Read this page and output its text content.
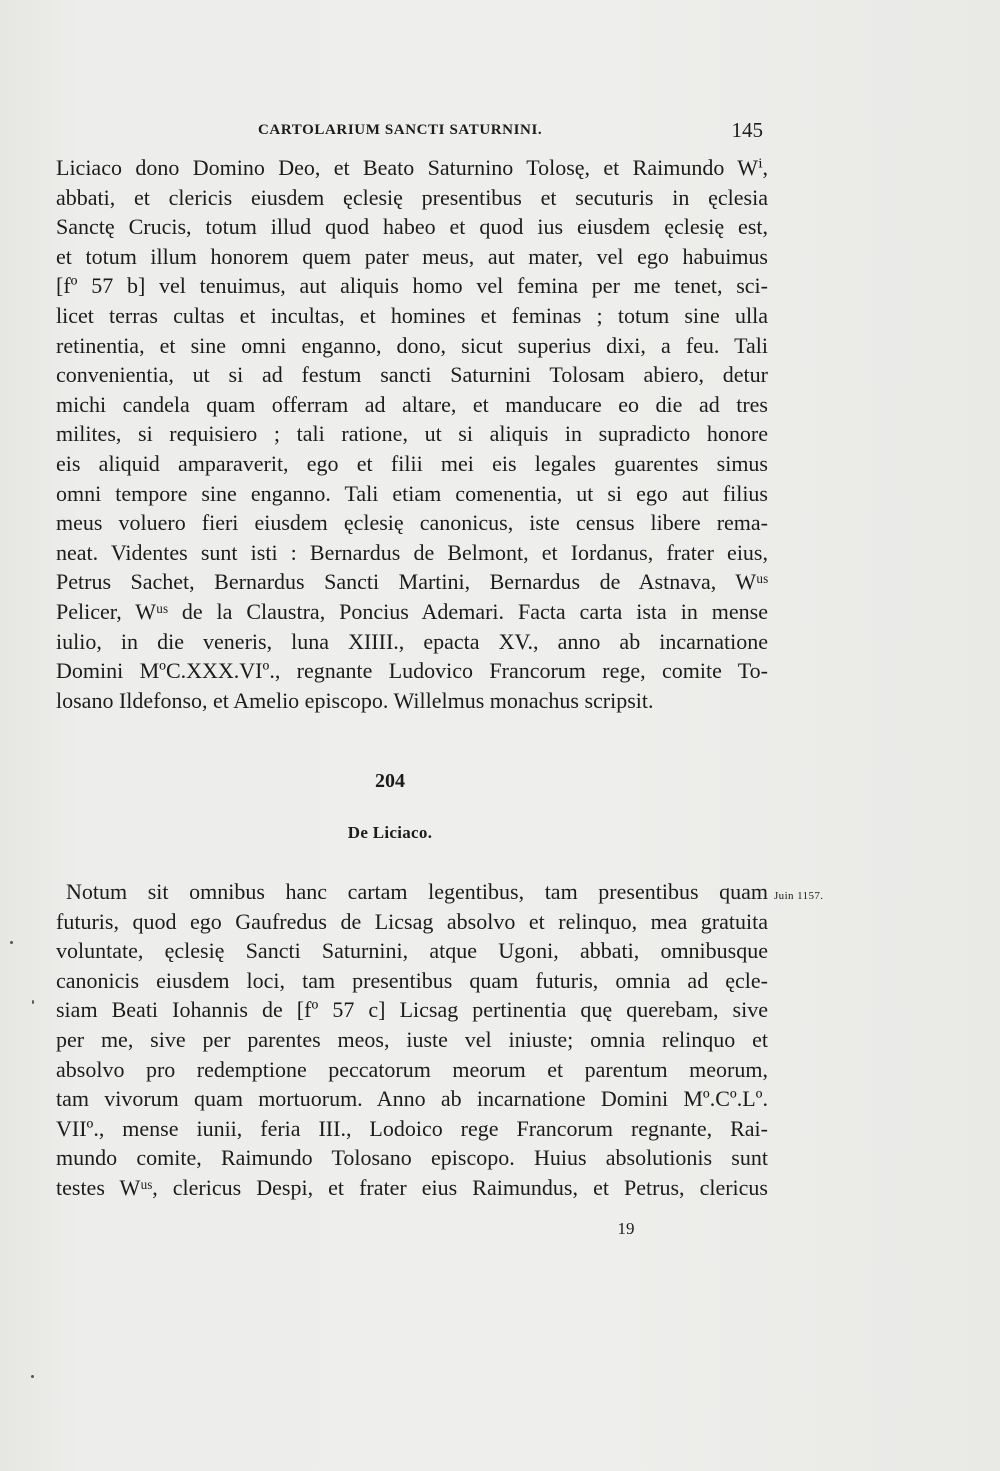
CARTOLARIUM SANCTI SATURNINI.	145
Liciaco dono Domino Deo, et Beato Saturnino Tolosę, et Raimundo Wⁱ,
abbati, et clericis eiusdem ęclesię presentibus et secuturis in ęclesia
Sanctę Crucis, totum illud quod habeo et quod ius eiusdem ęclesię est,
et totum illum honorem quem pater meus, aut mater, vel ego habuimus
[fº 57 b] vel tenuimus, aut aliquis homo vel femina per me tenet, sci-
licet terras cultas et incultas, et homines et feminas ; totum sine ulla
retinentia, et sine omni enganno, dono, sicut superius dixi, a feu. Tali
convenientia, ut si ad festum sancti Saturnini Tolosam abiero, detur
michi candela quam offerram ad altare, et manducare eo die ad tres
milites, si requisiero ; tali ratione, ut si aliquis in supradicto honore
eis aliquid amparaverit, ego et filii mei eis legales guarentes simus
omni tempore sine enganno. Tali etiam comenentia, ut si ego aut filius
meus voluero fieri eiusdem ęclesię canonicus, iste census libere rema-
neat. Videntes sunt isti : Bernardus de Belmont, et Iordanus, frater eius,
Petrus Sachet, Bernardus Sancti Martini, Bernardus de Astnava, Wᵘˢ
Pelicer, Wᵘˢ de la Claustra, Poncius Ademari. Facta carta ista in mense
iulio, in die veneris, luna XIIII., epacta XV., anno ab incarnatione
Domini MºC.XXX.VIº., regnante Ludovico Francorum rege, comite To-
losano Ildefonso, et Amelio episcopo. Willelmus monachus scripsit.
204
De Liciaco.
Juin 1157.
Notum sit omnibus hanc cartam legentibus, tam presentibus quam
futuris, quod ego Gaufredus de Licsag absolvo et relinquo, mea gratuita
voluntate, ęclesię Sancti Saturnini, atque Ugoni, abbati, omnibusque
canonicis eiusdem loci, tam presentibus quam futuris, omnia ad ęcle-
siam Beati Iohannis de [fº 57 c] Licsag pertinentia quę querebam, sive
per me, sive per parentes meos, iuste vel iniuste; omnia relinquo et
absolvo pro redemptione peccatorum meorum et parentum meorum,
tam vivorum quam mortuorum. Anno ab incarnatione Domini Mº.Cº.Lº.
VIIº., mense iunii, feria III., Lodoico rege Francorum regnante, Rai-
mundo comite, Raimundo Tolosano episcopo. Huius absolutionis sunt
testes Wᵘˢ, clericus Despi, et frater eius Raimundus, et Petrus, clericus
19
